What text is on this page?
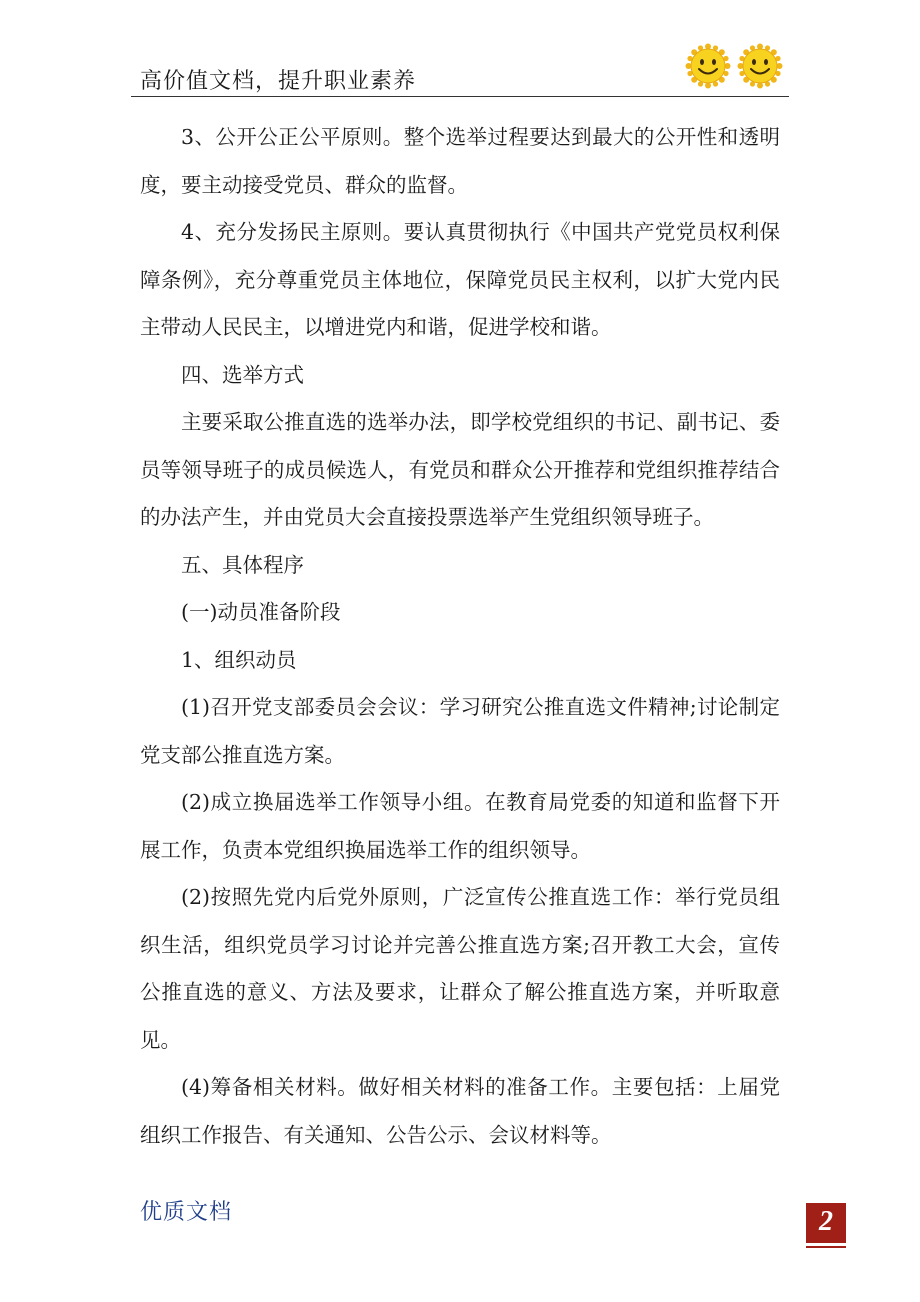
高价值文档，提升职业素养

3、公开公正公平原则。整个选举过程要达到最大的公开性和透明度，要主动接受党员、群众的监督。

4、充分发扬民主原则。要认真贯彻执行《中国共产党党员权利保障条例》，充分尊重党员主体地位，保障党员民主权利，以扩大党内民主带动人民民主，以增进党内和谐，促进学校和谐。

四、选举方式

主要采取公推直选的选举办法，即学校党组织的书记、副书记、委员等领导班子的成员候选人，有党员和群众公开推荐和党组织推荐结合的办法产生，并由党员大会直接投票选举产生党组织领导班子。

五、具体程序

(一)动员准备阶段

1、组织动员

(1)召开党支部委员会会议：学习研究公推直选文件精神;讨论制定党支部公推直选方案。

(2)成立换届选举工作领导小组。在教育局党委的知道和监督下开展工作，负责本党组织换届选举工作的组织领导。

(2)按照先党内后党外原则，广泛宣传公推直选工作：举行党员组织生活，组织党员学习讨论并完善公推直选方案;召开教工大会，宣传公推直选的意义、方法及要求，让群众了解公推直选方案，并听取意见。

(4)筹备相关材料。做好相关材料的准备工作。主要包括：上届党组织工作报告、有关通知、公告公示、会议材料等。

优质文档	2
